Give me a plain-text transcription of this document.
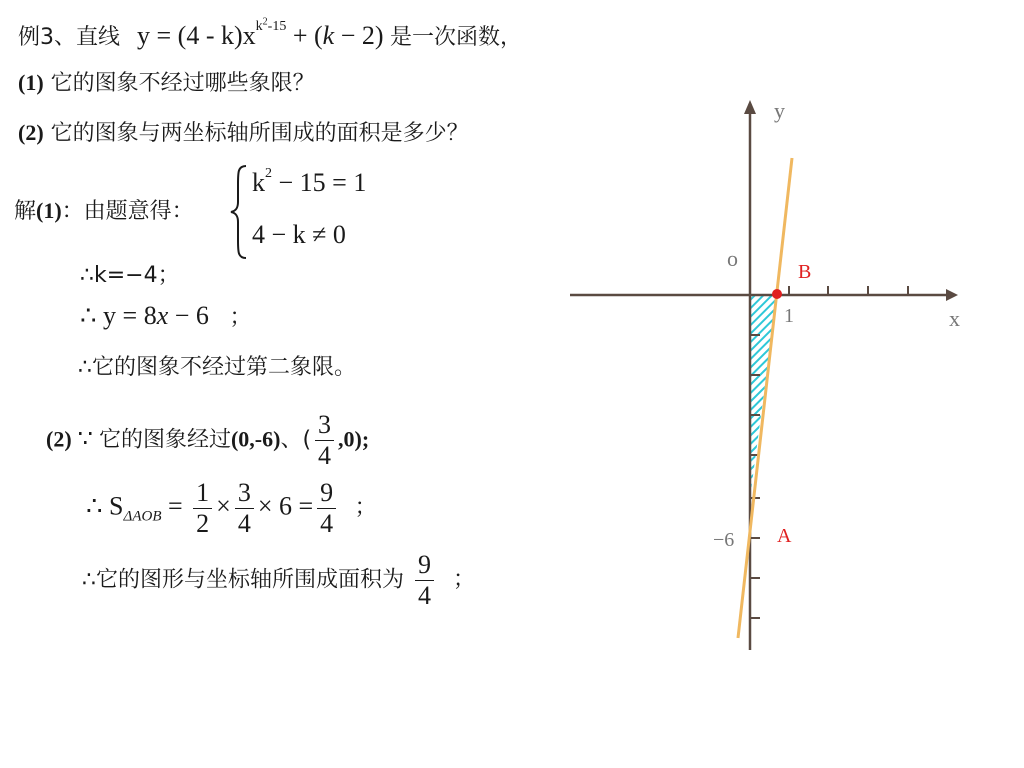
例3、直线 $y = (4 - k)x^{k^2-15} + (k - 2)$ 是一次函数，
(1) 它的图象不经过哪些象限？
(2) 它的图象与两坐标轴所围成的面积是多少？
解(1)：由题意得：
$k^2 - 15 = 1$
4 − k ≠ 0
∴k=−4；
∴ y = 8x − 6 ；
∴它的图象不经过第二象限。
(2) ∵ 它的图象经过(0,-6)、( $\frac{3}{4} ,0$);
∴ $S_{\Delta AOB} = \frac{1}{2} \times \frac{3}{4} \times 6 = \frac{9}{4}$ ；
∴它的图形与坐标轴所围成面积为 $\frac{9}{4}$ ；
y
x
o
1
−6
B
A
